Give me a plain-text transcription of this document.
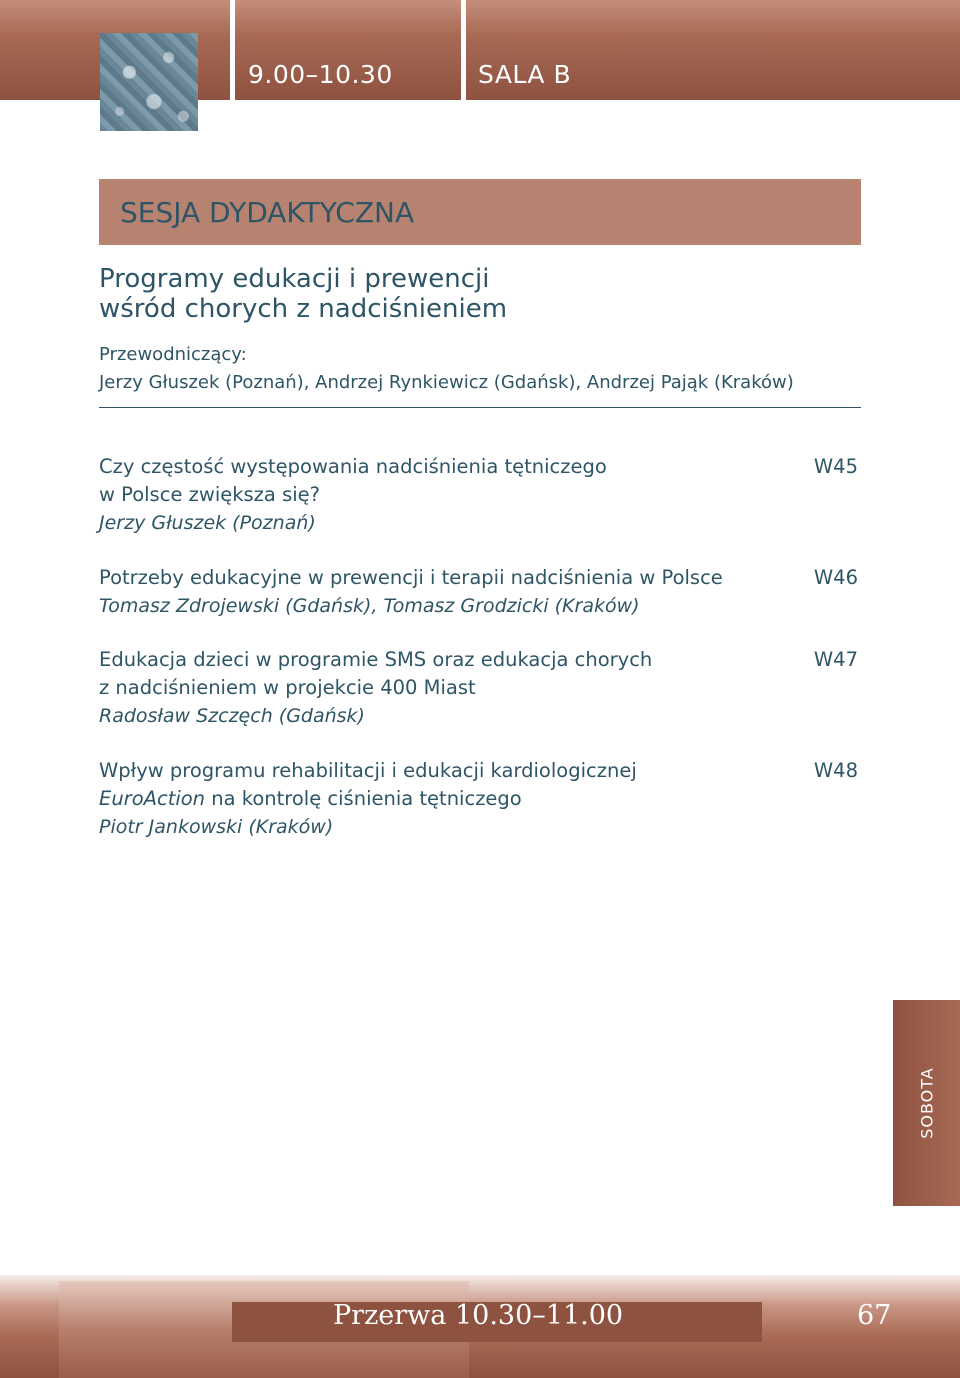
9.00–10.30	SALA B
SESJA DYDAKTYCZNA
Programy edukacji i prewencji
wśród chorych z nadciśnieniem
Przewodniczący:
Jerzy Głuszek (Poznań), Andrzej Rynkiewicz (Gdańsk), Andrzej Pająk (Kraków)
Czy częstość występowania nadciśnienia tętniczego
w Polsce zwiększa się?
Jerzy Głuszek (Poznań)
W45
Potrzeby edukacyjne w prewencji i terapii nadciśnienia w Polsce
Tomasz Zdrojewski (Gdańsk), Tomasz Grodzicki (Kraków)
W46
Edukacja dzieci w programie SMS oraz edukacja chorych
z nadciśnieniem w projekcie 400 Miast
Radosław Szczęch (Gdańsk)
W47
Wpływ programu rehabilitacji i edukacji kardiologicznej
EuroAction na kontrolę ciśnienia tętniczego
Piotr Jankowski (Kraków)
W48
SOBOTA
Przerwa 10.30–11.00	67
